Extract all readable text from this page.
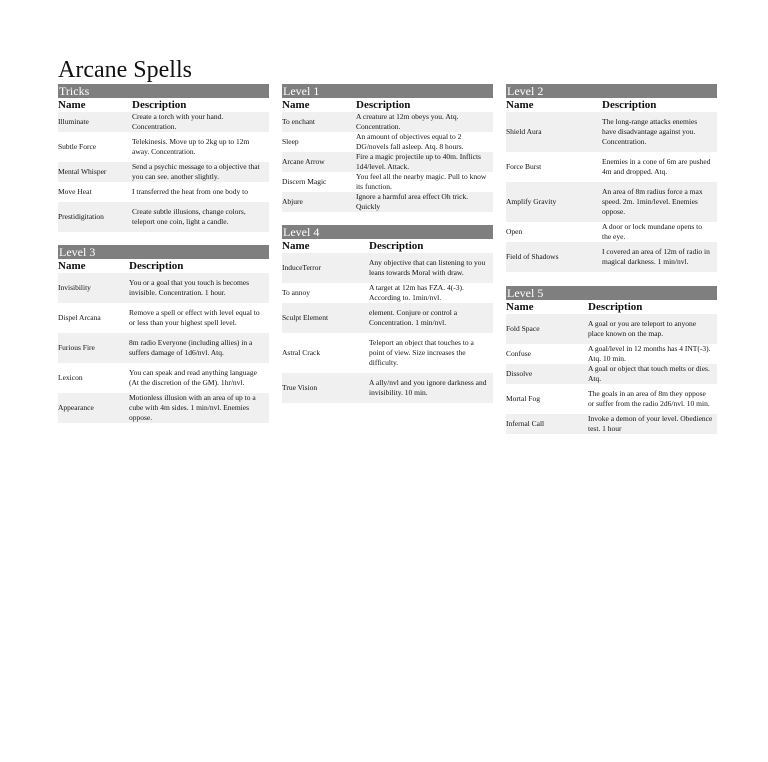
Arcane Spells
Tricks
Name	Description
Illuminate	Create a torch with your hand. Concentration.
Subtle Force	Telekinesis. Move up to 2kg up to 12m away. Concentration.
Mental Whisper	Send a psychic message to a objective that you can see. another slightly.
Move Heat	I transferred the heat from one body to
Prestidigitation	Create subtle illusions, change colors, teleport one coin, light a candle.
Level 3
Name	Description
Invisibility	You or a goal that you touch is becomes invisible. Concentration. 1 hour.
Dispel Arcana	Remove a spell or effect with level equal to or less than your highest spell level.
Furious Fire	8m radio Everyone (including allies) in a suffers damage of 1d6/nvl. Atq.
Lexicon	You can speak and read anything language (At the discretion of the GM). 1hr/nvl.
Appearance	Motionless illusion with an area of up to a cube with 4m sides. 1 min/nvl. Enemies oppose.
Level 1
Name	Description
To enchant	A creature at 12m obeys you. Atq. Concentration.
Sleep	An amount of objectives equal to 2 DG/novels fall asleep. Atq. 8 hours.
Arcane Arrow	Fire a magic projectile up to 40m. Inflicts 1d4/level. Attack.
Discern Magic	You feel all the nearby magic. Pull to know its function.
Abjure	Ignore a harmful area effect Oh trick. Quickly
Level 4
Name	Description
InduceTerror	Any objective that can listening to you leans towards Moral with draw.
To annoy	A target at 12m has FZA. 4(-3). According to. 1min/nvl.
Sculpt Element	element. Conjure or control a Concentration. 1 min/nvl.
Astral Crack	Teleport an object that touches to a point of view. Size increases the difficulty.
True Vision	A ally/nvl and you ignore darkness and invisibility. 10 min.
Level 2
Name	Description
Shield Aura	The long-range attacks enemies have disadvantage against you. Concentration.
Force Burst	Enemies in a cone of 6m are pushed 4m and dropped. Atq.
Amplify Gravity	An area of 8m radius force a max speed. 2m. 1min/level. Enemies oppose.
Open	A door or lock mundane opens to the eye.
Field of Shadows	I covered an area of 12m of radio in magical darkness. 1 min/nvl.
Level 5
Name	Description
Fold Space	A goal or you are teleport to anyone place known on the map.
Confuse	A goal/level in 12 months has 4 INT(-3). Atq. 10 min.
Dissolve	A goal or object that touch melts or dies. Atq.
Mortal Fog	The goals in an area of 8m they oppose or suffer from the radio 2d6/nvl. 10 min.
Infernal Call	Invoke a demon of your level. Obedience test. 1 hour
